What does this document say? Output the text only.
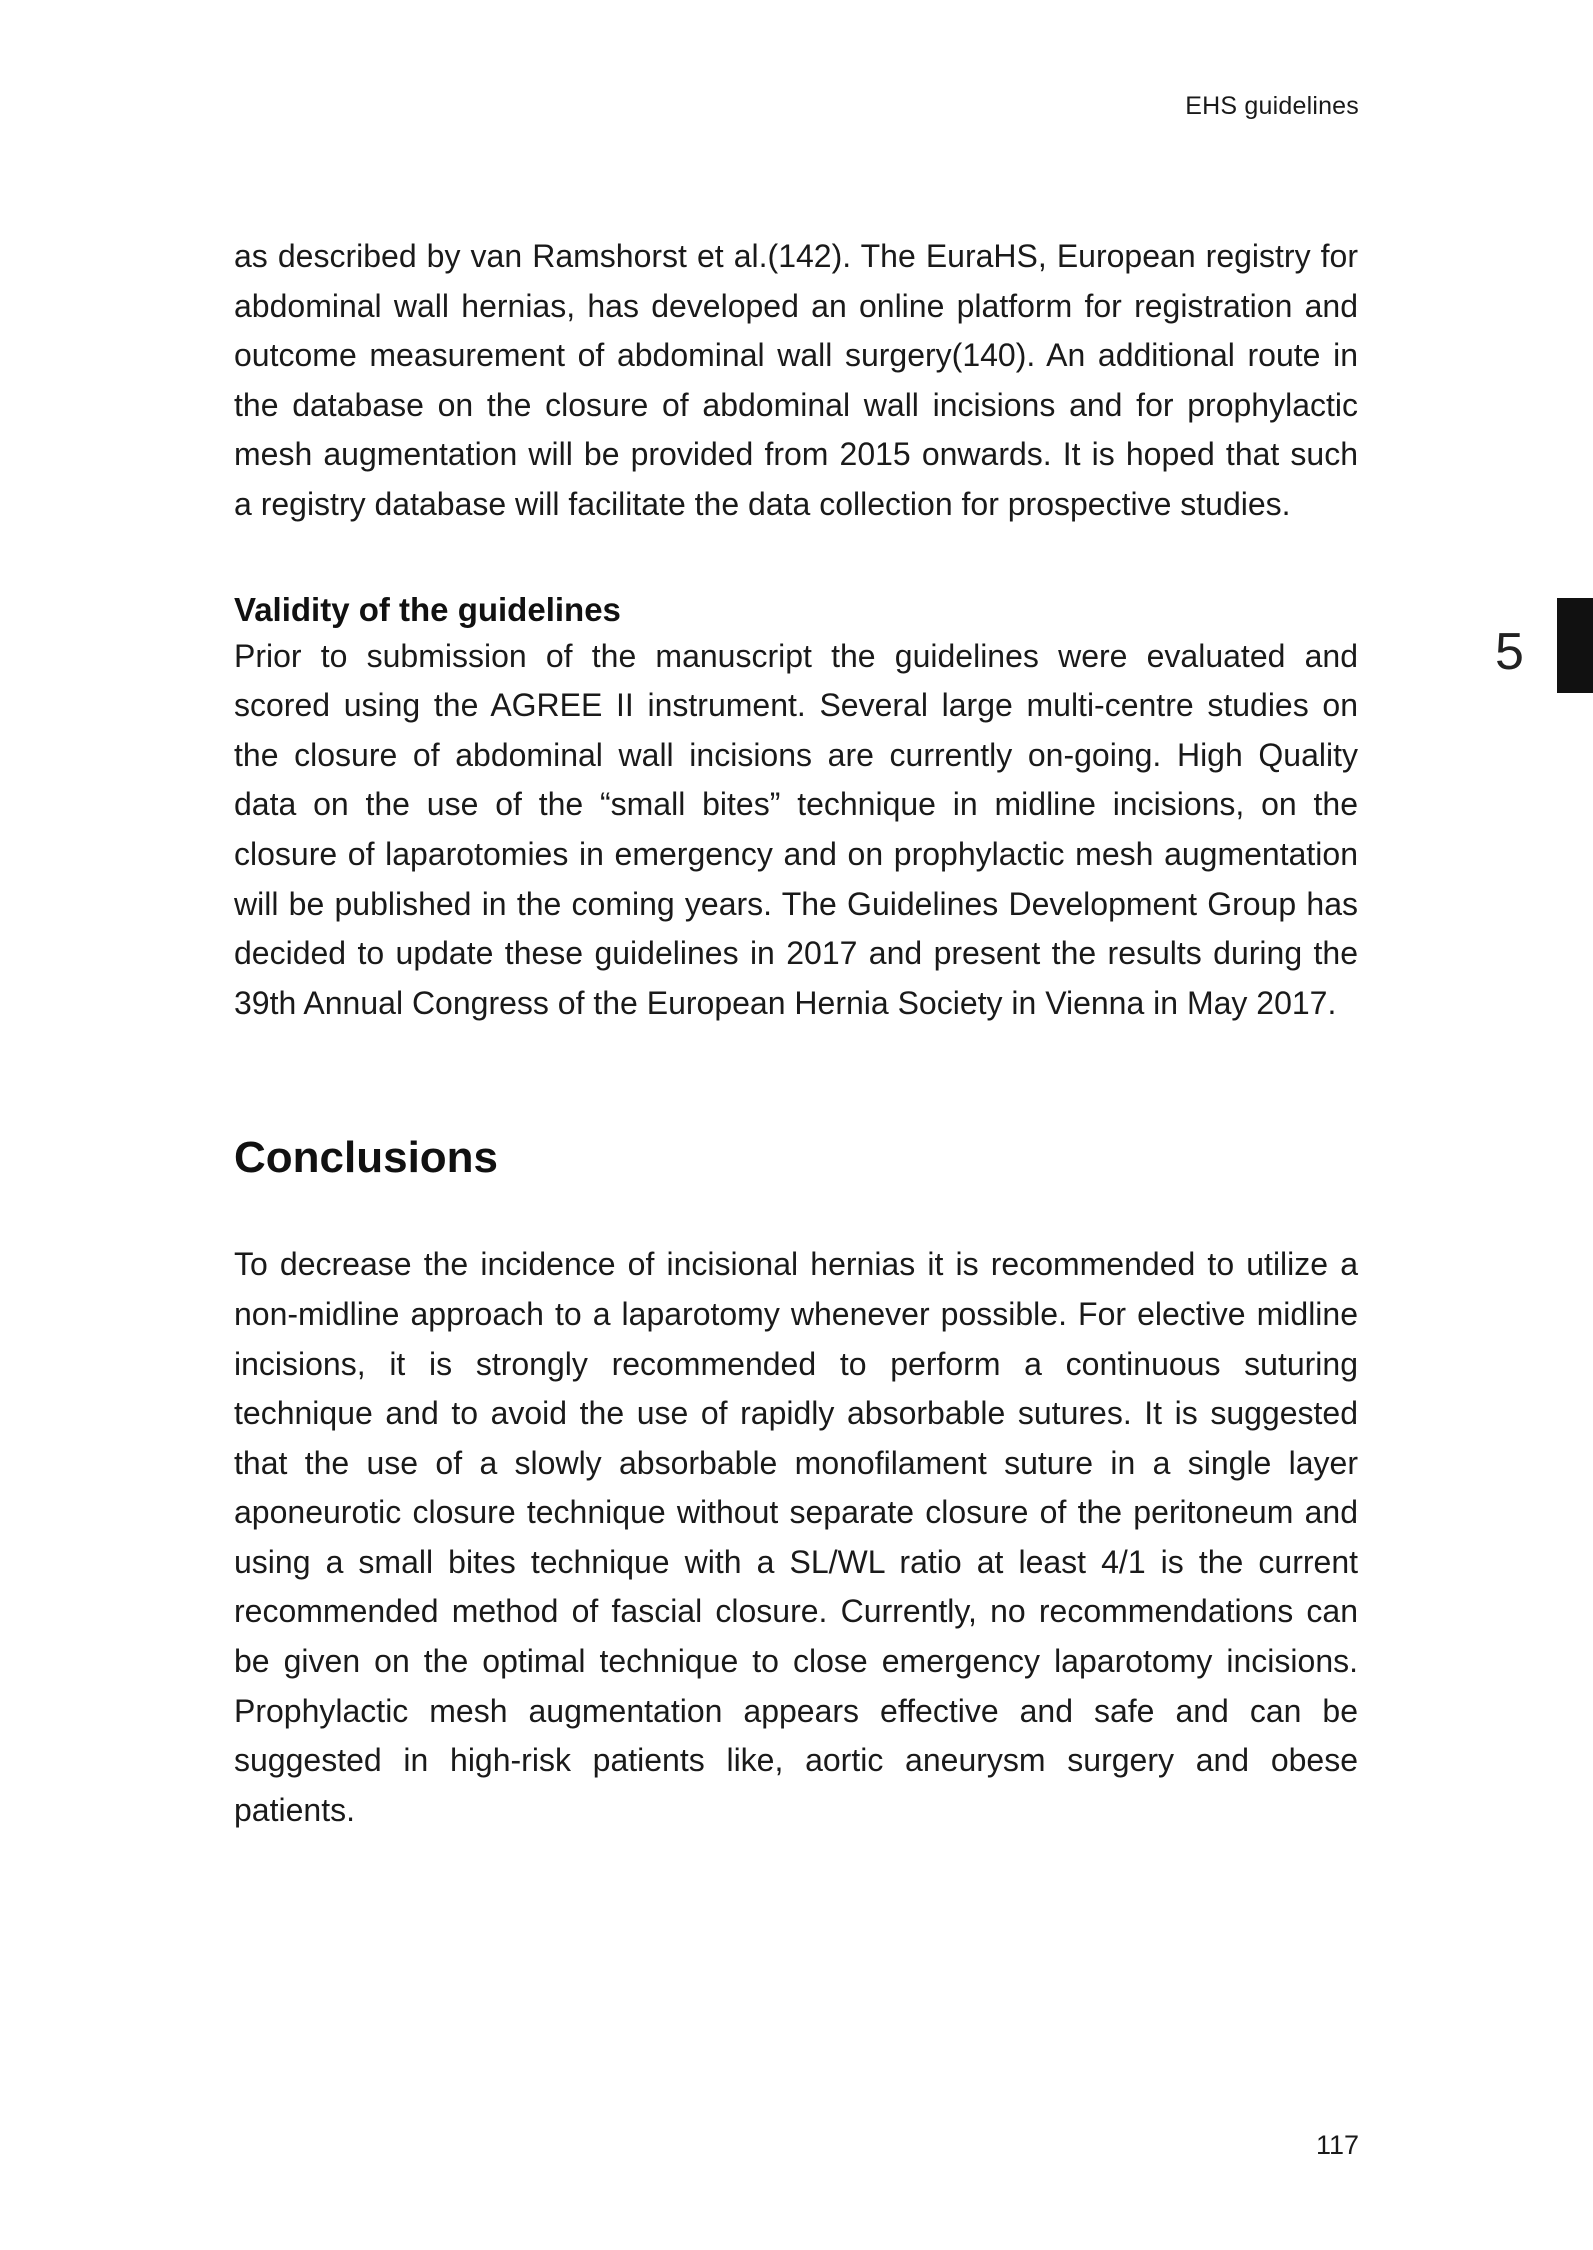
EHS guidelines
5

as described by van Ramshorst et al.(142). The EuraHS, European registry for abdominal wall hernias, has developed an online platform for registration and outcome measurement of abdominal wall surgery(140). An additional route in the database on the closure of abdominal wall incisions and for prophylactic mesh augmentation will be provided from 2015 onwards. It is hoped that such a registry database will facilitate the data collection for prospective studies.

Validity of the guidelines

Prior to submission of the manuscript the guidelines were evaluated and scored using the AGREE II instrument. Several large multi-centre studies on the closure of abdominal wall incisions are currently on-going. High Quality data on the use of the “small bites” technique in midline incisions, on the closure of laparotomies in emergency and on prophylactic mesh augmentation will be published in the coming years. The Guidelines Development Group has decided to update these guidelines in 2017 and present the results during the 39th Annual Congress of the European Hernia Society in Vienna in May 2017.

Conclusions

To decrease the incidence of incisional hernias it is recommended to utilize a non-midline approach to a laparotomy whenever possible. For elective midline incisions, it is strongly recommended to perform a continuous suturing technique and to avoid the use of rapidly absorbable sutures. It is suggested that the use of a slowly absorbable monofilament suture in a single layer aponeurotic closure technique without separate closure of the peritoneum and using a small bites technique with a SL/WL ratio at least 4/1 is the current recommended method of fascial closure. Currently, no recommendations can be given on the optimal technique to close emergency laparotomy incisions. Prophylactic mesh augmentation appears effective and safe and can be suggested in high-risk patients like, aortic aneurysm surgery and obese patients.

117
